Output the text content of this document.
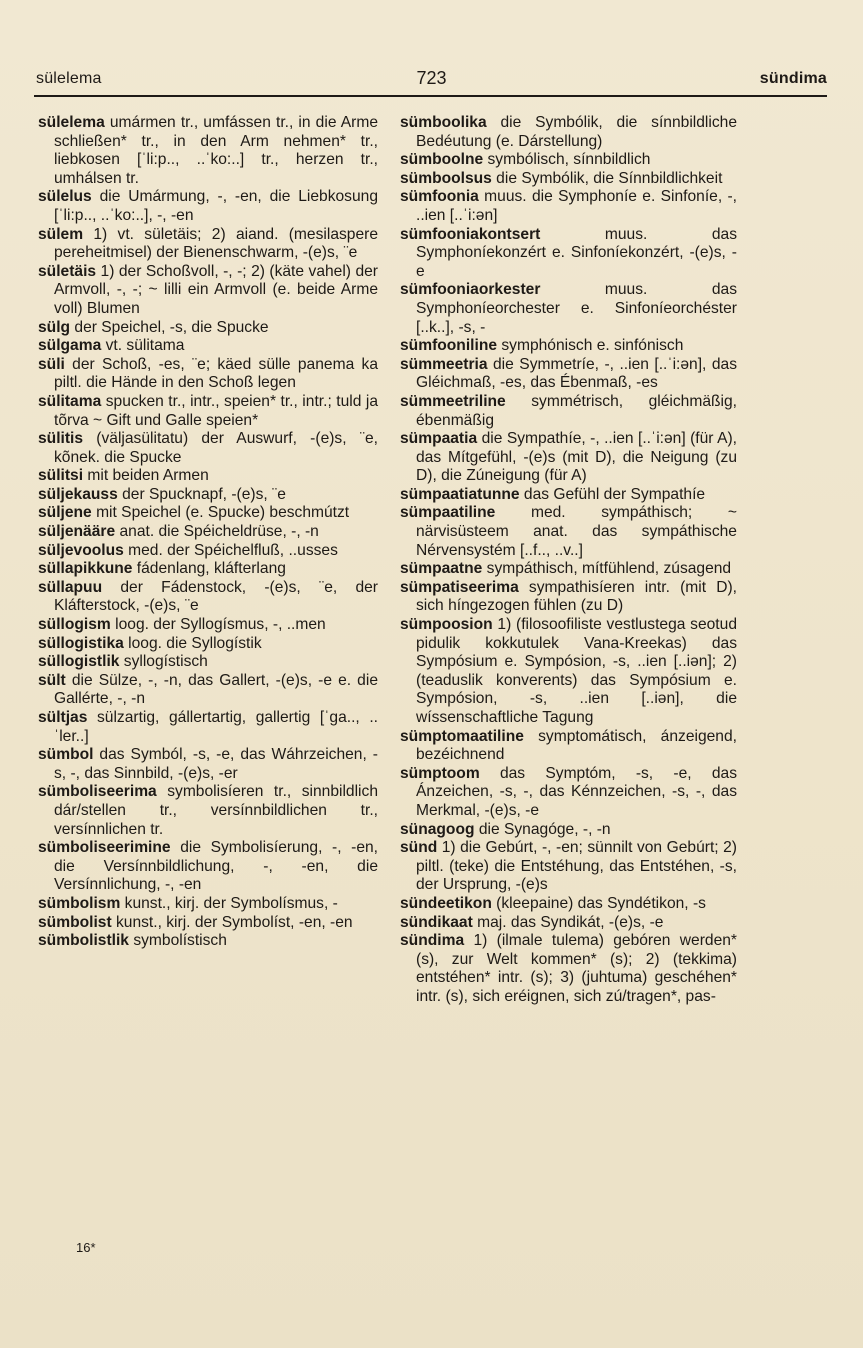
sülelema	723	sündima
sülelema umármen tr., umfássen tr., in die Arme schließen* tr., in den Arm nehmen* tr., liebkosen [ˈli:p.., ..ˈko:..] tr., herzen tr., umhálsen tr.
sülelus die Umármung, -, -en, die Liebkosung [ˈli:p.., ..ˈko:..], -, -en
sülem 1) vt. sületäis; 2) aiand. (mesilaspere pereheitmisel) der Bienenschwarm, -(e)s, ¨e
sületäis 1) der Schoßvoll, -, -; 2) (käte vahel) der Armvoll, -, -; ~ lilli ein Armvoll (e. beide Arme voll) Blumen
sülg der Speichel, -s, die Spucke
sülgama vt. sülitama
süli der Schoß, -es, ¨e; käed sülle panema ka piltl. die Hände in den Schoß legen
sülitama spucken tr., intr., speien* tr., intr.; tuld ja tõrva ~ Gift und Galle speien*
sülitis (väljasülitatu) der Auswurf, -(e)s, ¨e, kõnek. die Spucke
sülitsi mit beiden Armen
süljekauss der Spucknapf, -(e)s, ¨e
süljene mit Speichel (e. Spucke) beschmútzt
süljenääre anat. die Spéicheldrüse, -, -n
süljevoolus med. der Spéichelfluß, ..usses
süllapikkune fádenlang, kláfterlang
süllapuu der Fádenstock, -(e)s, ¨e, der Kláfterstock, -(e)s, ¨e
süllogism loog. der Syllogísmus, -, ..men
süllogistika loog. die Syllogístik
süllogistlik syllogístisch
sült die Sülze, -, -n, das Gallert, -(e)s, -e e. die Gallérte, -, -n
sültjas sülzartig, gállertartig, gallertig [ˈga.., ..ˈler..]
sümbol das Symból, -s, -e, das Wáhrzeichen, -s, -, das Sinnbild, -(e)s, -er
sümboliseerima symbolisíeren tr., sinnbildlich dár/stellen tr., versínnbildlichen tr., versínnlichen tr.
sümboliseerimine die Symbolisíerung, -, -en, die Versínnbildlichung, -, -en, die Versínnlichung, -, -en
sümbolism kunst., kirj. der Symbolísmus, -
sümbolist kunst., kirj. der Symbolíst, -en, -en
sümbolistlik symbolístisch
sümboolika die Symbólik, die sínnbildliche Bedéutung (e. Dárstellung)
sümboolne symbólisch, sínnbildlich
sümboolsus die Symbólik, die Sínnbildlichkeit
sümfoonia muus. die Symphoníe e. Sinfoníe, -, ..ien [..ˈi:ən]
sümfooniakontsert muus. das Symphoníekonzért e. Sinfoníekonzért, -(e)s, -e
sümfooniaorkester muus. das Symphoníeorchester e. Sinfoníeorchéster [..k..], -s, -
sümfooniline symphónisch e. sinfónisch
sümmeetria die Symmetríe, -, ..ien [..ˈi:ən], das Gléichmaß, -es, das Ébenmaß, -es
sümmeetriline symmétrisch, gléichmäßig, ébenmäßig
sümpaatia die Sympathíe, -, ..ien [..ˈi:ən] (für A), das Mítgefühl, -(e)s (mit D), die Neigung (zu D), die Zúneigung (für A)
sümpaatiatunne das Gefühl der Sympathíe
sümpaatiline med. sympáthisch; ~ närvisüsteem anat. das sympáthische Nérvensystém [..f.., ..v..]
sümpaatne sympáthisch, mítfühlend, zúsagend
sümpatiseerima sympathisíeren intr. (mit D), sich híngezogen fühlen (zu D)
sümpoosion 1) (filosoofiliste vestlustega seotud pidulik kokkutulek Vana-Kreekas) das Sympósium e. Sympósion, -s, ..ien [..iən]; 2) (teaduslik konverents) das Sympósium e. Sympósion, -s, ..ien [..iən], die wíssenschaftliche Tagung
sümptomaatiline symptomátisch, ánzeigend, bezéichnend
sümptoom das Symptóm, -s, -e, das Ánzeichen, -s, -, das Kénnzeichen, -s, -, das Merkmal, -(e)s, -e
sünagoog die Synagóge, -, -n
sünd 1) die Gebúrt, -, -en; sünnilt von Gebúrt; 2) piltl. (teke) die Entstéhung, das Entstéhen, -s, der Ursprung, -(e)s
sündeetikon (kleepaine) das Syndétikon, -s
sündikaat maj. das Syndikát, -(e)s, -e
sündima 1) (ilmale tulema) gebóren werden* (s), zur Welt kommen* (s); 2) (tekkima) entstéhen* intr. (s); 3) (juhtuma) geschéhen* intr. (s), sich eréignen, sich zú/tragen*, pas-
16*
